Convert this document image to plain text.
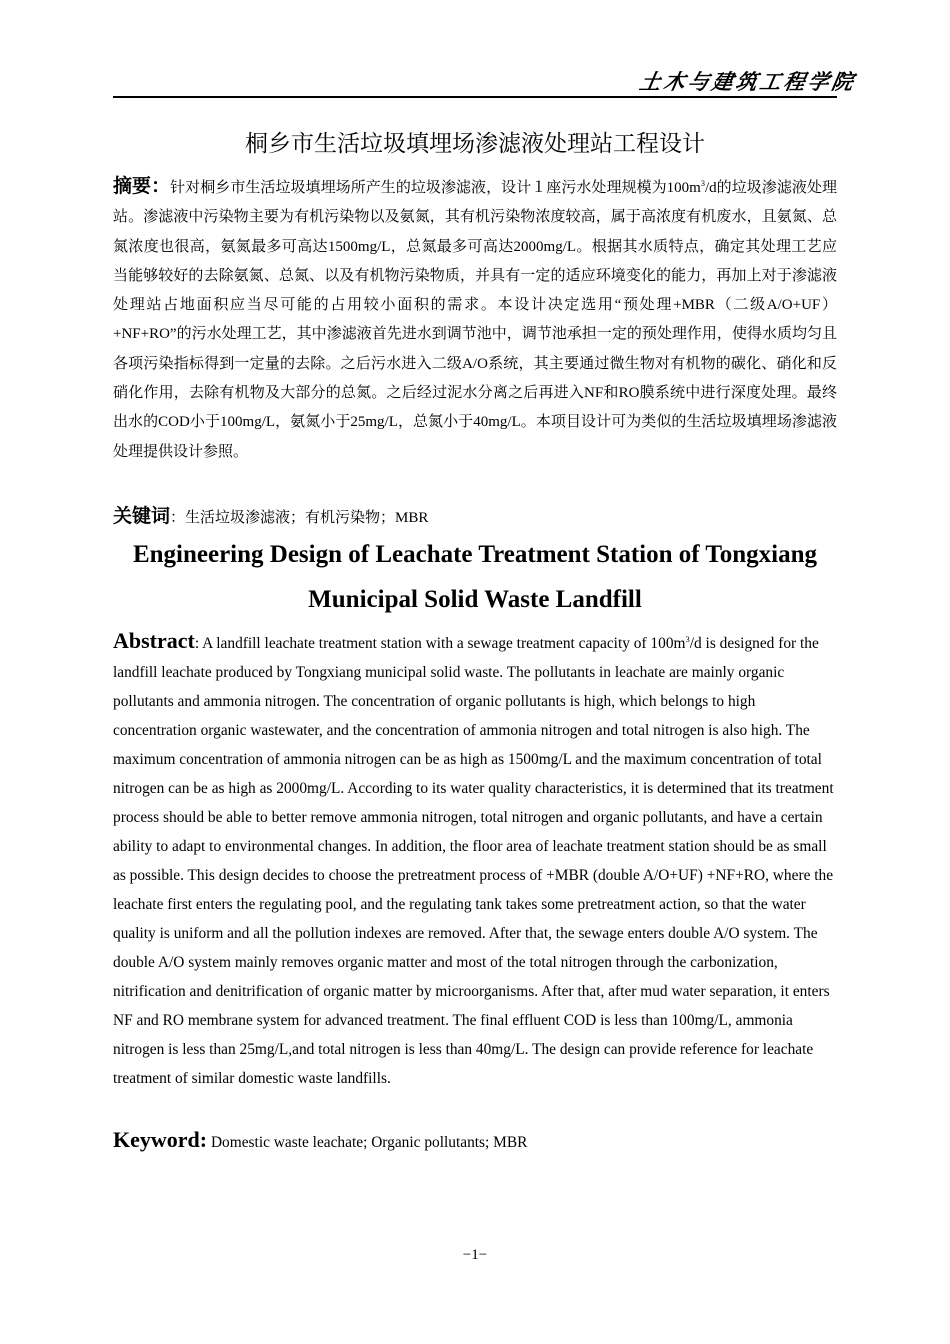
土木与建筑工程学院
桐乡市生活垃圾填埋场渗滤液处理站工程设计
摘要：针对桐乡市生活垃圾填埋场所产生的垃圾渗滤液，设计１座污水处理规模为$100m^3/d$的垃圾渗滤液处理站。渗滤液中污染物主要为有机污染物以及氨氮，其有机污染物浓度较高，属于高浓度有机废水，且氨氮、总氮浓度也很高，氨氮最多可高达1500mg/L，总氮最多可高达2000mg/L。根据其水质特点，确定其处理工艺应当能够较好的去除氨氮、总氮、以及有机物污染物质，并具有一定的适应环境变化的能力，再加上对于渗滤液处理站占地面积应当尽可能的占用较小面积的需求。本设计决定选用“预处理+MBR（二级A/O+UF）+NF+RO”的污水处理工艺，其中渗滤液首先进水到调节池中，调节池承担一定的预处理作用，使得水质均匀且各项污染指标得到一定量的去除。之后污水进入二级A/O系统，其主要通过微生物对有机物的碳化、硝化和反硝化作用，去除有机物及大部分的总氮。之后经过泥水分离之后再进入NF和RO膜系统中进行深度处理。最终出水的COD小于100mg/L，氨氮小于25mg/L，总氮小于40mg/L。本项目设计可为类似的生活垃圾填埋场渗滤液处理提供设计参照。
关键词：生活垃圾渗滤液；有机污染物；MBR
Engineering Design of Leachate Treatment Station of Tongxiang Municipal Solid Waste Landfill
Abstract: A landfill leachate treatment station with a sewage treatment capacity of $100m^3/d$ is designed for the landfill leachate produced by Tongxiang municipal solid waste. The pollutants in leachate are mainly organic pollutants and ammonia nitrogen. The concentration of organic pollutants is high, which belongs to high concentration organic wastewater, and the concentration of ammonia nitrogen and total nitrogen is also high. The maximum concentration of ammonia nitrogen can be as high as 1500mg/L and the maximum concentration of total nitrogen can be as high as 2000mg/L. According to its water quality characteristics, it is determined that its treatment process should be able to better remove ammonia nitrogen, total nitrogen and organic pollutants, and have a certain ability to adapt to environmental changes. In addition, the floor area of leachate treatment station should be as small as possible. This design decides to choose the pretreatment process of +MBR (double A/O+UF) +NF+RO, where the leachate first enters the regulating pool, and the regulating tank takes some pretreatment action, so that the water quality is uniform and all the pollution indexes are removed. After that, the sewage enters double A/O system. The double A/O system mainly removes organic matter and most of the total nitrogen through the carbonization, nitrification and denitrification of organic matter by microorganisms. After that, after mud water separation, it enters NF and RO membrane system for advanced treatment. The final effluent COD is less than 100mg/L, ammonia nitrogen is less than 25mg/L,and total nitrogen is less than 40mg/L. The design can provide reference for leachate treatment of similar domestic waste landfills.
Keyword: Domestic waste leachate; Organic pollutants; MBR
−1−
